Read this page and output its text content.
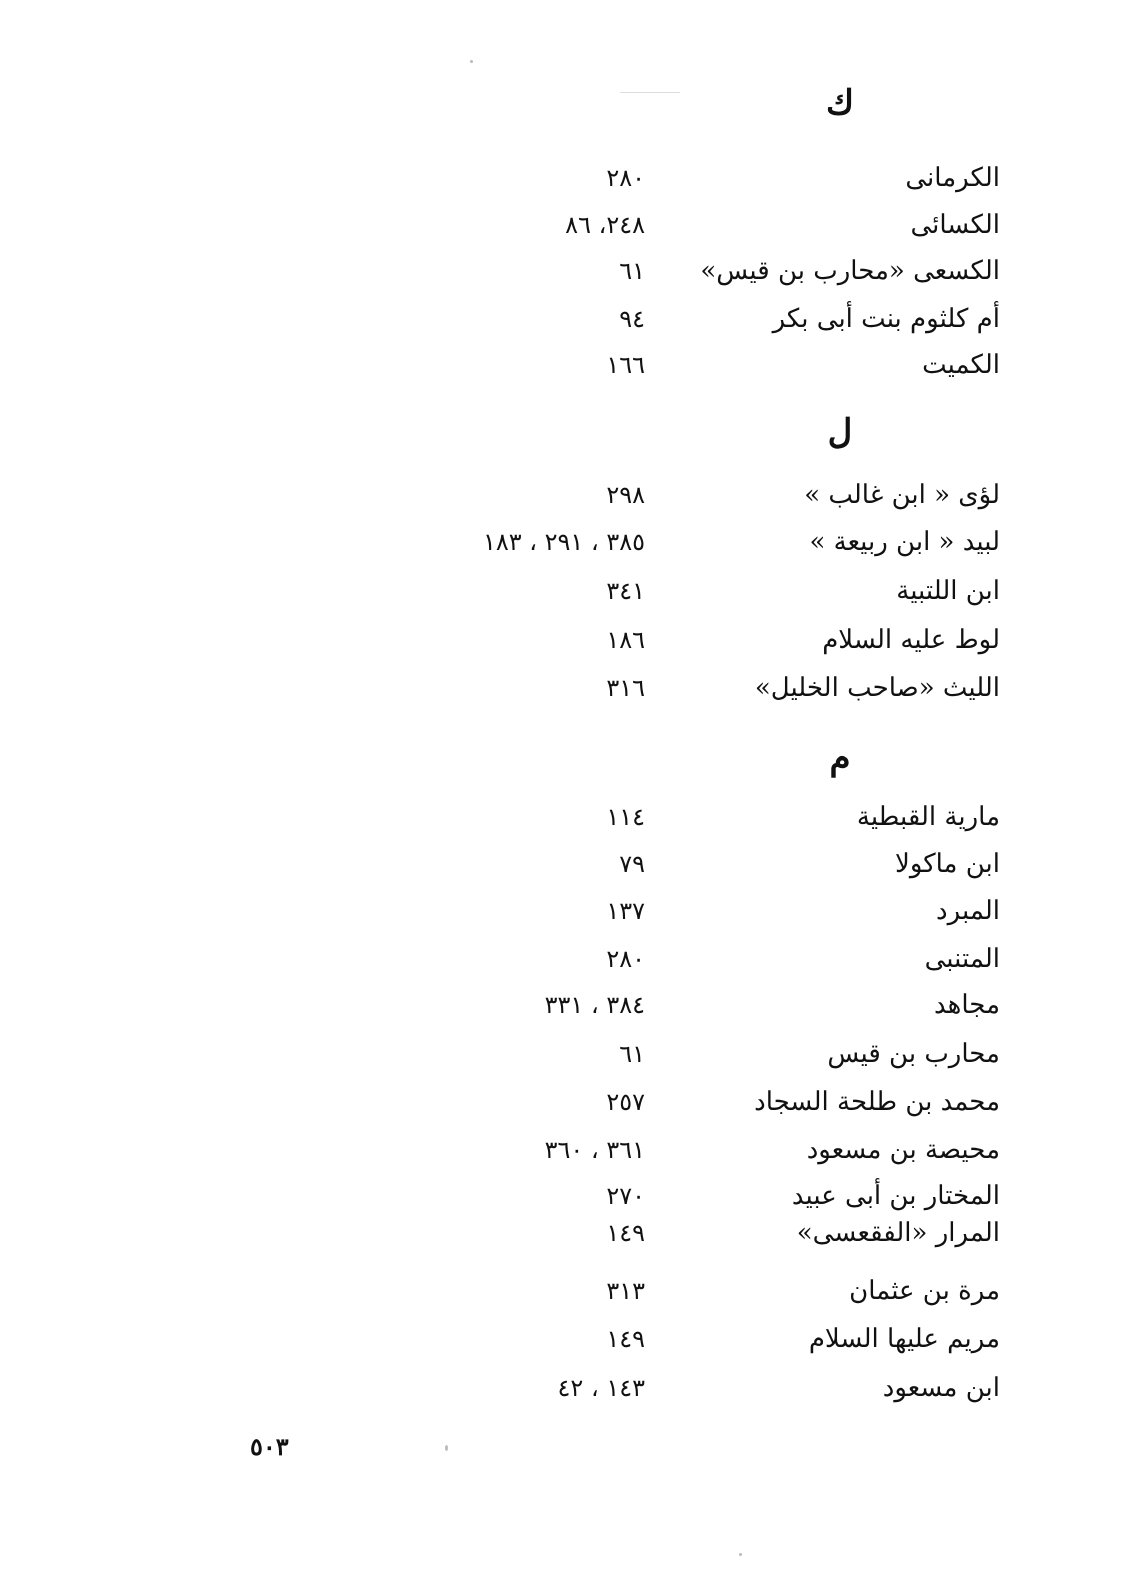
ك
الكرمانى
٢٨٠
الكسائى
٢٤٨، ٨٦
الكسعى «محارب بن قيس»
٦١
أم كلثوم بنت أبى بكر
٩٤
الكميت
١٦٦
ل
لؤى « ابن غالب »
٢٩٨
لبيد « ابن ربيعة »
٣٨٥ ، ٢٩١ ، ١٨٣
ابن اللتبية
٣٤١
لوط عليه السلام
١٨٦
الليث «صاحب الخليل»
٣١٦
م
مارية القبطية
١١٤
ابن ماكولا
٧٩
المبرد
١٣٧
المتنبى
٢٨٠
مجاهد
٣٨٤ ، ٣٣١
محارب بن قيس
٦١
محمد بن طلحة السجاد
٢٥٧
محيصة بن مسعود
٣٦١ ، ٣٦٠
المختار بن أبى عبيد
٢٧٠
المرار «الفقعسى»
١٤٩
مرة بن عثمان
٣١٣
مريم عليها السلام
١٤٩
ابن مسعود
١٤٣ ، ٤٢
٥٠٣
